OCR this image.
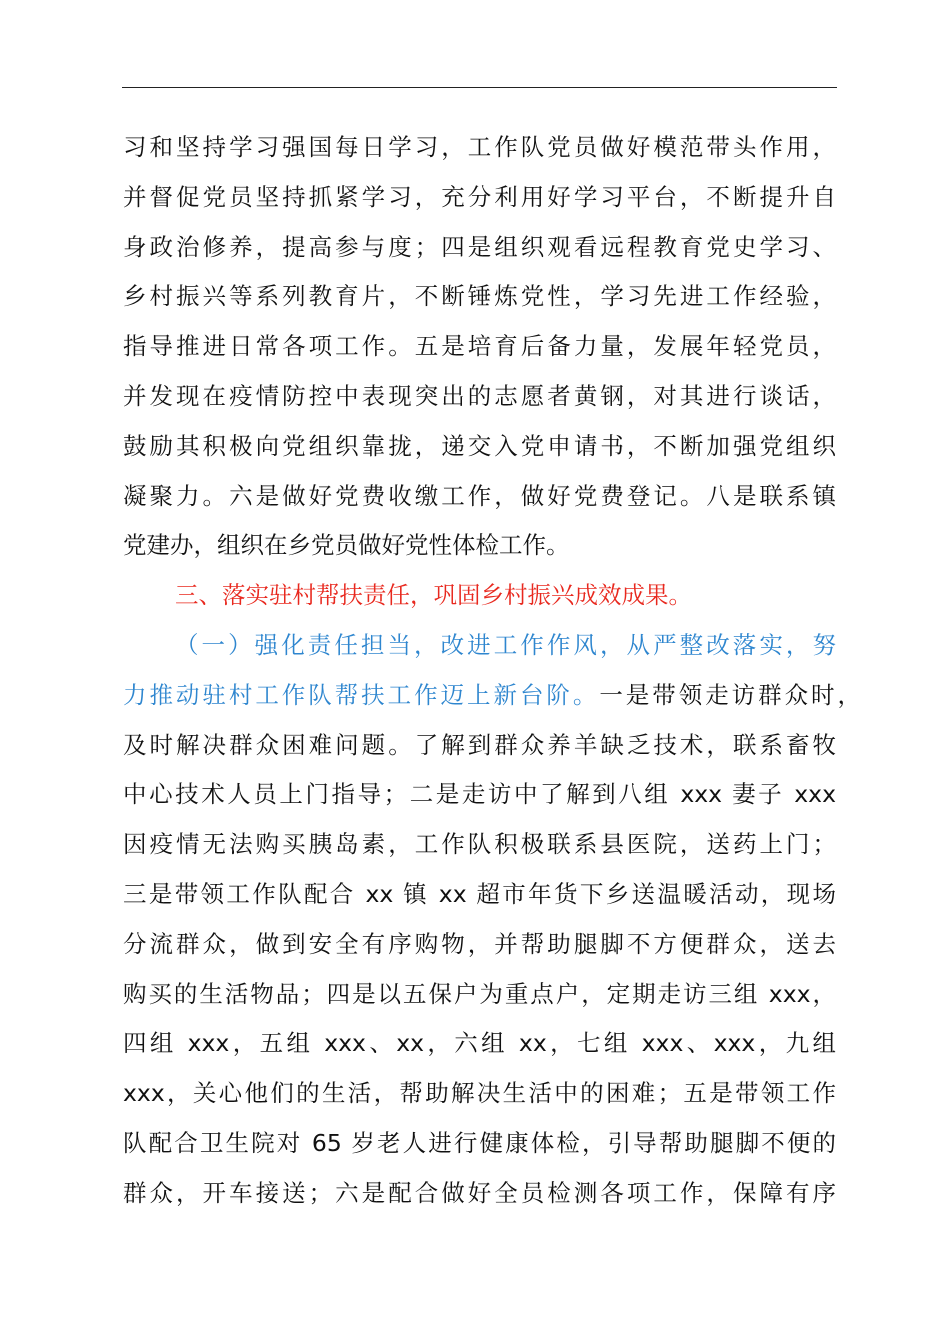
习和坚持学习强国每日学习，工作队党员做好模范带头作用，
并督促党员坚持抓紧学习，充分利用好学习平台，不断提升自
身政治修养，提高参与度；四是组织观看远程教育党史学习、
乡村振兴等系列教育片，不断锤炼党性，学习先进工作经验，
指导推进日常各项工作。五是培育后备力量，发展年轻党员，
并发现在疫情防控中表现突出的志愿者黄钢，对其进行谈话，
鼓励其积极向党组织靠拢，递交入党申请书，不断加强党组织
凝聚力。六是做好党费收缴工作，做好党费登记。八是联系镇
党建办，组织在乡党员做好党性体检工作。
三、落实驻村帮扶责任，巩固乡村振兴成效成果。
（一）强化责任担当，改进工作作风，从严整改落实，努
力推动驻村工作队帮扶工作迈上新台阶。一是带领走访群众时，
及时解决群众困难问题。了解到群众养羊缺乏技术，联系畜牧
中心技术人员上门指导；二是走访中了解到八组 xxx 妻子 xxx
因疫情无法购买胰岛素，工作队积极联系县医院，送药上门；
三是带领工作队配合 xx 镇 xx 超市年货下乡送温暖活动，现场
分流群众，做到安全有序购物，并帮助腿脚不方便群众，送去
购买的生活物品；四是以五保户为重点户，定期走访三组 xxx，
四组 xxx，五组 xxx、xx，六组 xx，七组 xxx、xxx，九组
xxx，关心他们的生活，帮助解决生活中的困难；五是带领工作
队配合卫生院对 65 岁老人进行健康体检，引导帮助腿脚不便的
群众，开车接送；六是配合做好全员检测各项工作，保障有序
